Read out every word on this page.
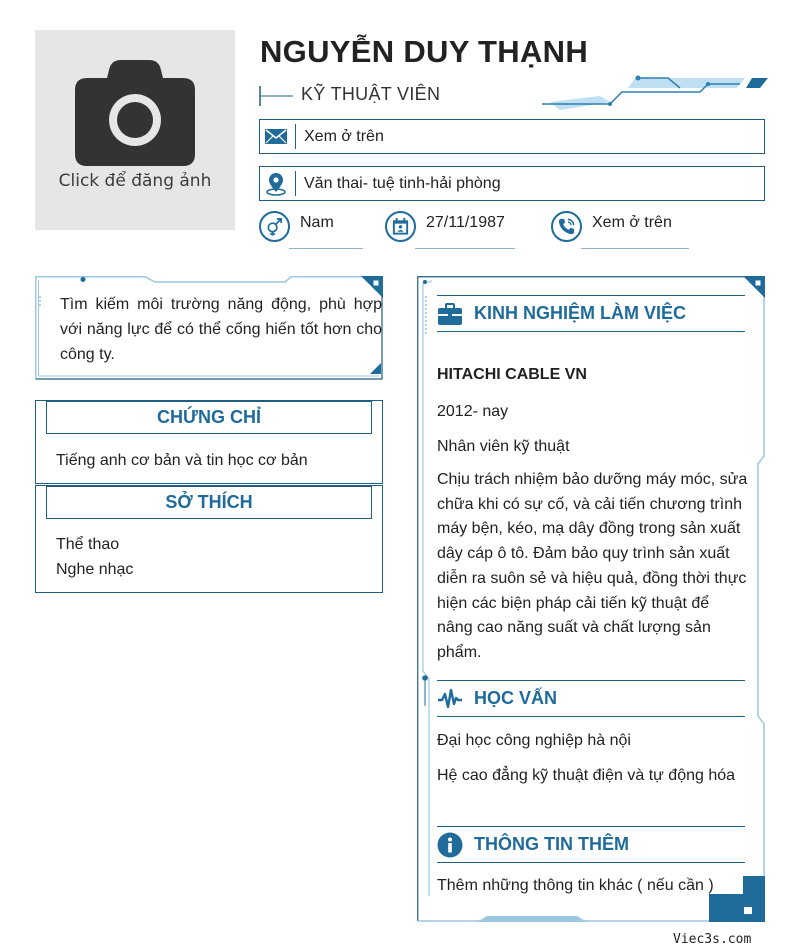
Click để đăng ảnh
NGUYỄN DUY THẠNH
KỸ THUẬT VIÊN
Xem ở trên
Văn thai- tuệ tinh-hải phòng
Nam	27/11/1987	Xem ở trên
Tìm kiếm môi trường năng động, phù hợp với năng lực để có thể cống hiến tốt hơn cho công ty.
CHỨNG CHỈ
Tiếng anh cơ bản và tin học cơ bản
SỞ THÍCH
Thể thao
Nghe nhạc
KINH NGHIỆM LÀM VIỆC
HITACHI CABLE VN
2012- nay
Nhân viên kỹ thuật
Chịu trách nhiệm bảo dưỡng máy móc, sửa chữa khi có sự cố, và cải tiến chương trình máy bện, kéo, mạ dây đồng trong sản xuất dây cáp ô tô. Đảm bảo quy trình sản xuất diễn ra suôn sẻ và hiệu quả, đồng thời thực hiện các biện pháp cải tiến kỹ thuật để nâng cao năng suất và chất lượng sản phẩm.
HỌC VẤN
Đại học công nghiệp hà nội
Hệ cao đẳng kỹ thuật điện và tự động hóa
THÔNG TIN THÊM
Thêm những thông tin khác ( nếu cần )
Viec3s.com
